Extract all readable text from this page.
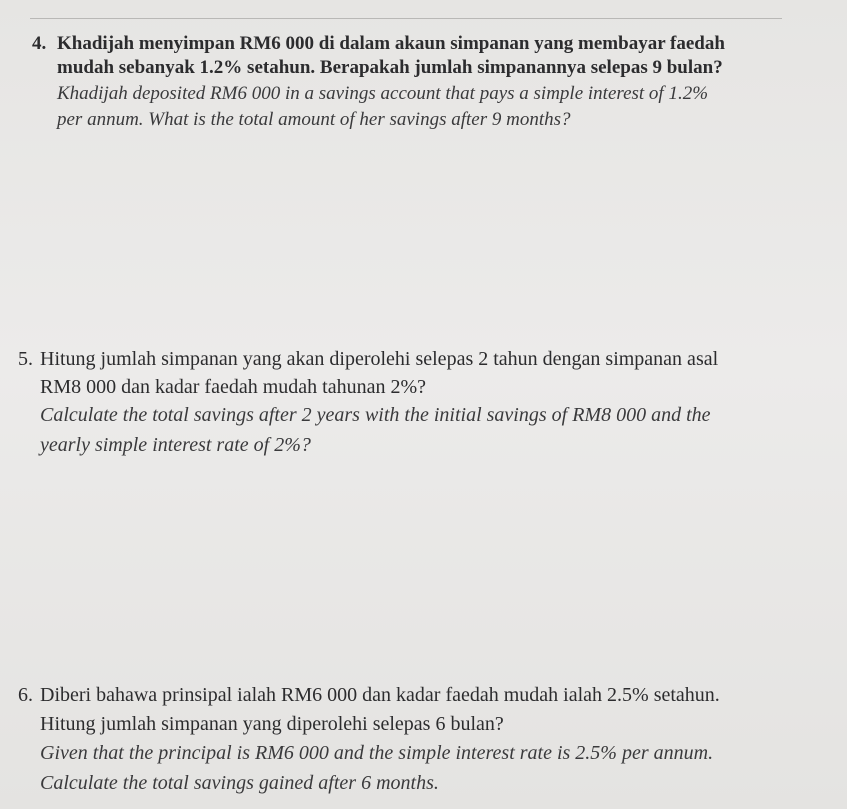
4. Khadijah menyimpan RM6 000 di dalam akaun simpanan yang membayar faedah
mudah sebanyak 1.2% setahun. Berapakah jumlah simpanannya selepas 9 bulan?
Khadijah deposited RM6 000 in a savings account that pays a simple interest of 1.2%
per annum. What is the total amount of her savings after 9 months?
5. Hitung jumlah simpanan yang akan diperolehi selepas 2 tahun dengan simpanan asal
RM8 000 dan kadar faedah mudah tahunan 2%?
Calculate the total savings after 2 years with the initial savings of RM8 000 and the
yearly simple interest rate of 2%?
6. Diberi bahawa prinsipal ialah RM6 000 dan kadar faedah mudah ialah 2.5% setahun.
Hitung jumlah simpanan yang diperolehi selepas 6 bulan?
Given that the principal is RM6 000 and the simple interest rate is 2.5% per annum.
Calculate the total savings gained after 6 months.
